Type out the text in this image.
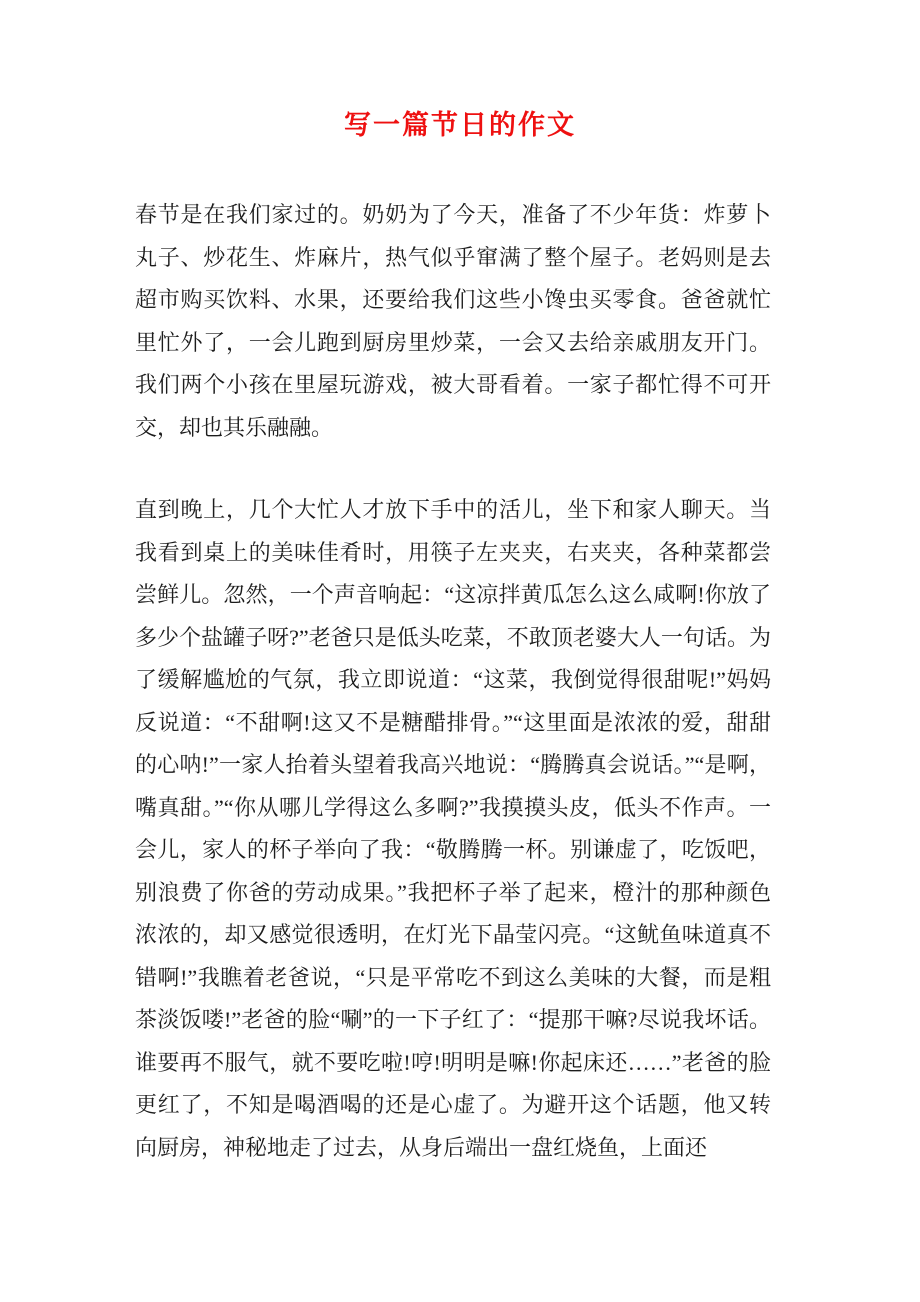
写一篇节日的作文

春节是在我们家过的。奶奶为了今天，准备了不少年货：炸萝卜丸子、炒花生、炸麻片，热气似乎窜满了整个屋子。老妈则是去超市购买饮料、水果，还要给我们这些小馋虫买零食。爸爸就忙里忙外了，一会儿跑到厨房里炒菜，一会又去给亲戚朋友开门。我们两个小孩在里屋玩游戏，被大哥看着。一家子都忙得不可开交，却也其乐融融。

直到晚上，几个大忙人才放下手中的活儿，坐下和家人聊天。当我看到桌上的美味佳肴时，用筷子左夹夹，右夹夹，各种菜都尝尝鲜儿。忽然，一个声音响起：“这凉拌黄瓜怎么这么咸啊!你放了多少个盐罐子呀?”老爸只是低头吃菜，不敢顶老婆大人一句话。为了缓解尴尬的气氛，我立即说道：“这菜，我倒觉得很甜呢!”妈妈反说道：“不甜啊!这又不是糖醋排骨。”“这里面是浓浓的爱，甜甜的心呐!”一家人抬着头望着我高兴地说：“腾腾真会说话。”“是啊，嘴真甜。”“你从哪儿学得这么多啊?”我摸摸头皮，低头不作声。一会儿，家人的杯子举向了我：“敬腾腾一杯。别谦虚了，吃饭吧，别浪费了你爸的劳动成果。”我把杯子举了起来，橙汁的那种颜色浓浓的，却又感觉很透明，在灯光下晶莹闪亮。“这鱿鱼味道真不错啊!”我瞧着老爸说，“只是平常吃不到这么美味的大餐，而是粗茶淡饭喽!”老爸的脸“唰”的一下子红了：“提那干嘛?尽说我坏话。谁要再不服气，就不要吃啦!哼!明明是嘛!你起床还……”老爸的脸更红了，不知是喝酒喝的还是心虚了。为避开这个话题，他又转向厨房，神秘地走了过去，从身后端出一盘红烧鱼，上面还
